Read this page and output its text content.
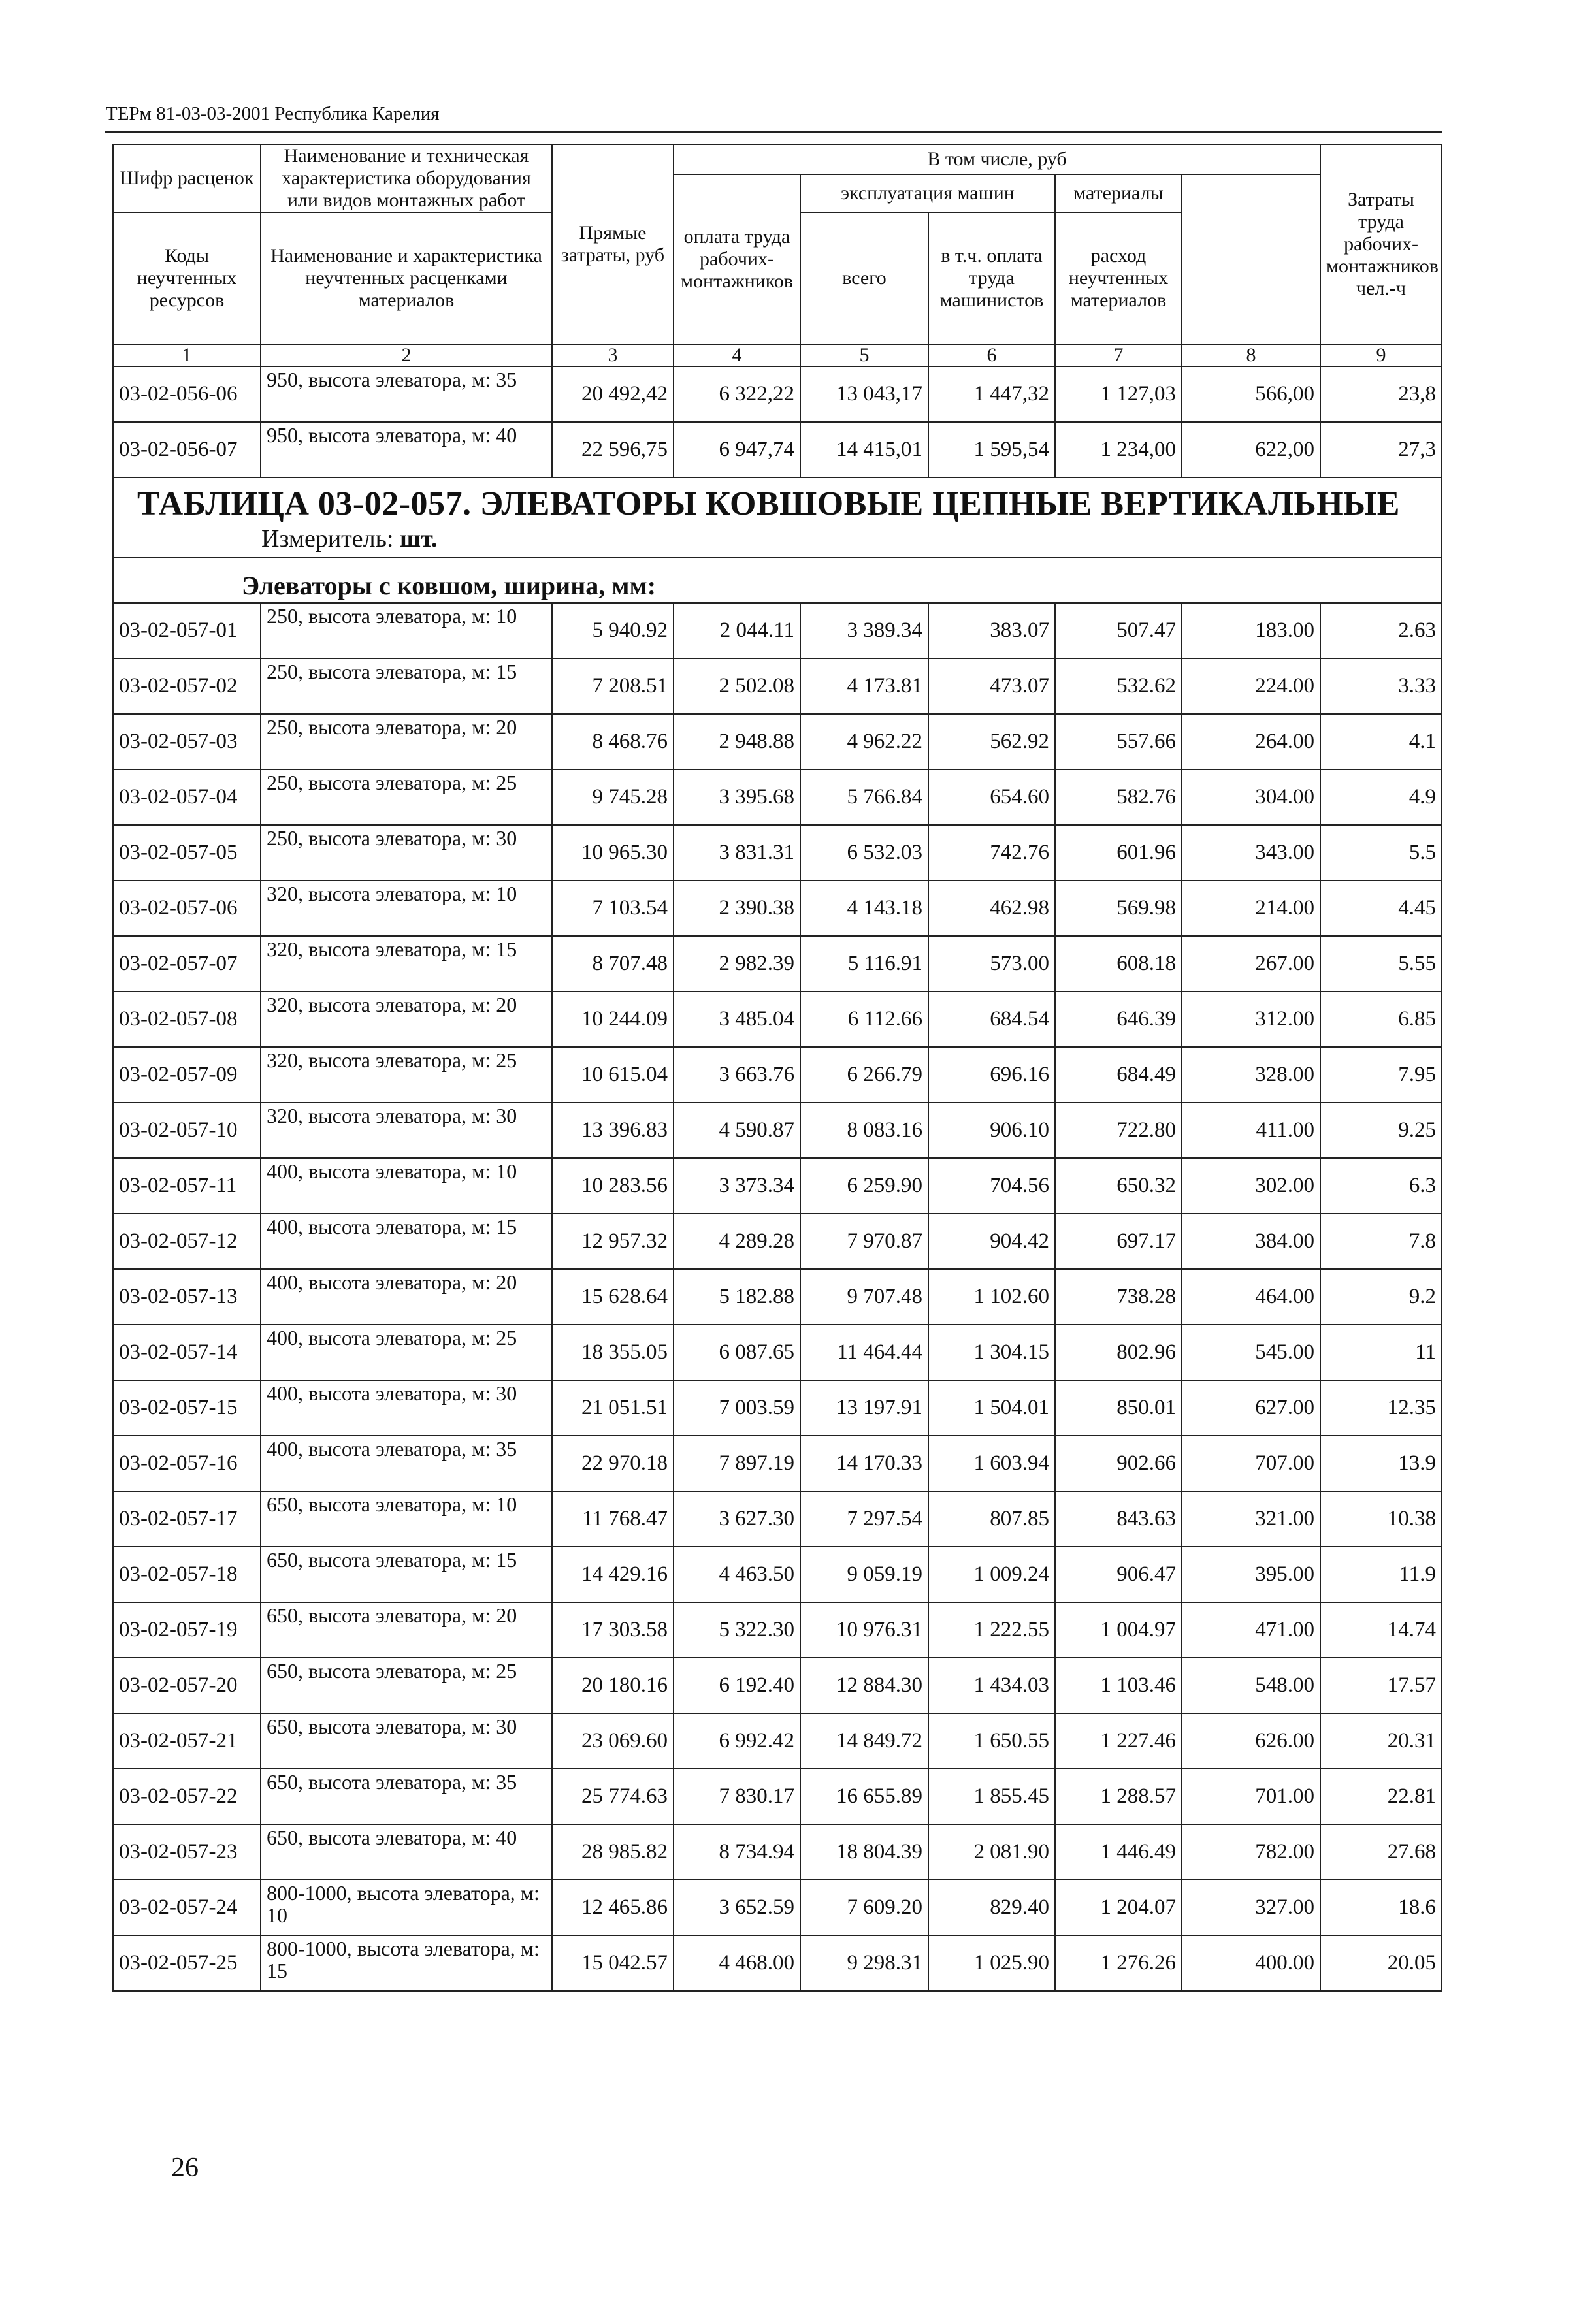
ТЕРм 81-03-03-2001 Республика Карелия
Шифр расценок	Наименование и техническая характеристика оборудования или видов монтажных работ	Прямые затраты, руб	В том числе, руб					Затраты труда рабочих-монтажников чел.-ч	
			оплата труда рабочих-монтажников	эксплуатация машин		материалы			
Коды неучтенных ресурсов	Наименование и характеристика неучтенных расценками материалов			всего	в т.ч. оплата труда машинистов	расход неучтенных материалов			

1	2	3	4	5	6	7	8	9	
03-02-056-06	950, высота элеватора, м: 35	20 492,42	6 322,22	13 043,17	1 447,32	1 127,03	566,00	23,8	
03-02-056-07	950, высота элеватора, м: 40	22 596,75	6 947,74	14 415,01	1 595,54	1 234,00	622,00	27,3	

ТАБЛИЦА 03-02-057. ЭЛЕВАТОРЫ КОВШОВЫЕ ЦЕПНЫЕ ВЕРТИКАЛЬНЫЕ
Измеритель: шт.									

Элеваторы с ковшом, ширина, мм:									
03-02-057-01	250, высота элеватора, м: 10	5 940.92	2 044.11	3 389.34	383.07	507.47	183.00	2.63	
03-02-057-02	250, высота элеватора, м: 15	7 208.51	2 502.08	4 173.81	473.07	532.62	224.00	3.33	
03-02-057-03	250, высота элеватора, м: 20	8 468.76	2 948.88	4 962.22	562.92	557.66	264.00	4.1	
03-02-057-04	250, высота элеватора, м: 25	9 745.28	3 395.68	5 766.84	654.60	582.76	304.00	4.9	
03-02-057-05	250, высота элеватора, м: 30	10 965.30	3 831.31	6 532.03	742.76	601.96	343.00	5.5	
03-02-057-06	320, высота элеватора, м: 10	7 103.54	2 390.38	4 143.18	462.98	569.98	214.00	4.45	
03-02-057-07	320, высота элеватора, м: 15	8 707.48	2 982.39	5 116.91	573.00	608.18	267.00	5.55	
03-02-057-08	320, высота элеватора, м: 20	10 244.09	3 485.04	6 112.66	684.54	646.39	312.00	6.85	
03-02-057-09	320, высота элеватора, м: 25	10 615.04	3 663.76	6 266.79	696.16	684.49	328.00	7.95	
03-02-057-10	320, высота элеватора, м: 30	13 396.83	4 590.87	8 083.16	906.10	722.80	411.00	9.25	
03-02-057-11	400, высота элеватора, м: 10	10 283.56	3 373.34	6 259.90	704.56	650.32	302.00	6.3	
03-02-057-12	400, высота элеватора, м: 15	12 957.32	4 289.28	7 970.87	904.42	697.17	384.00	7.8	
03-02-057-13	400, высота элеватора, м: 20	15 628.64	5 182.88	9 707.48	1 102.60	738.28	464.00	9.2	
03-02-057-14	400, высота элеватора, м: 25	18 355.05	6 087.65	11 464.44	1 304.15	802.96	545.00	11	
03-02-057-15	400, высота элеватора, м: 30	21 051.51	7 003.59	13 197.91	1 504.01	850.01	627.00	12.35	
03-02-057-16	400, высота элеватора, м: 35	22 970.18	7 897.19	14 170.33	1 603.94	902.66	707.00	13.9	
03-02-057-17	650, высота элеватора, м: 10	11 768.47	3 627.30	7 297.54	807.85	843.63	321.00	10.38	
03-02-057-18	650, высота элеватора, м: 15	14 429.16	4 463.50	9 059.19	1 009.24	906.47	395.00	11.9	
03-02-057-19	650, высота элеватора, м: 20	17 303.58	5 322.30	10 976.31	1 222.55	1 004.97	471.00	14.74	
03-02-057-20	650, высота элеватора, м: 25	20 180.16	6 192.40	12 884.30	1 434.03	1 103.46	548.00	17.57	
03-02-057-21	650, высота элеватора, м: 30	23 069.60	6 992.42	14 849.72	1 650.55	1 227.46	626.00	20.31	
03-02-057-22	650, высота элеватора, м: 35	25 774.63	7 830.17	16 655.89	1 855.45	1 288.57	701.00	22.81	
03-02-057-23	650, высота элеватора, м: 40	28 985.82	8 734.94	18 804.39	2 081.90	1 446.49	782.00	27.68	
03-02-057-24	800-1000, высота элеватора, м: 10	12 465.86	3 652.59	7 609.20	829.40	1 204.07	327.00	18.6	
03-02-057-25	800-1000, высота элеватора, м: 15	15 042.57	4 468.00	9 298.31	1 025.90	1 276.26	400.00	20.05	
26
